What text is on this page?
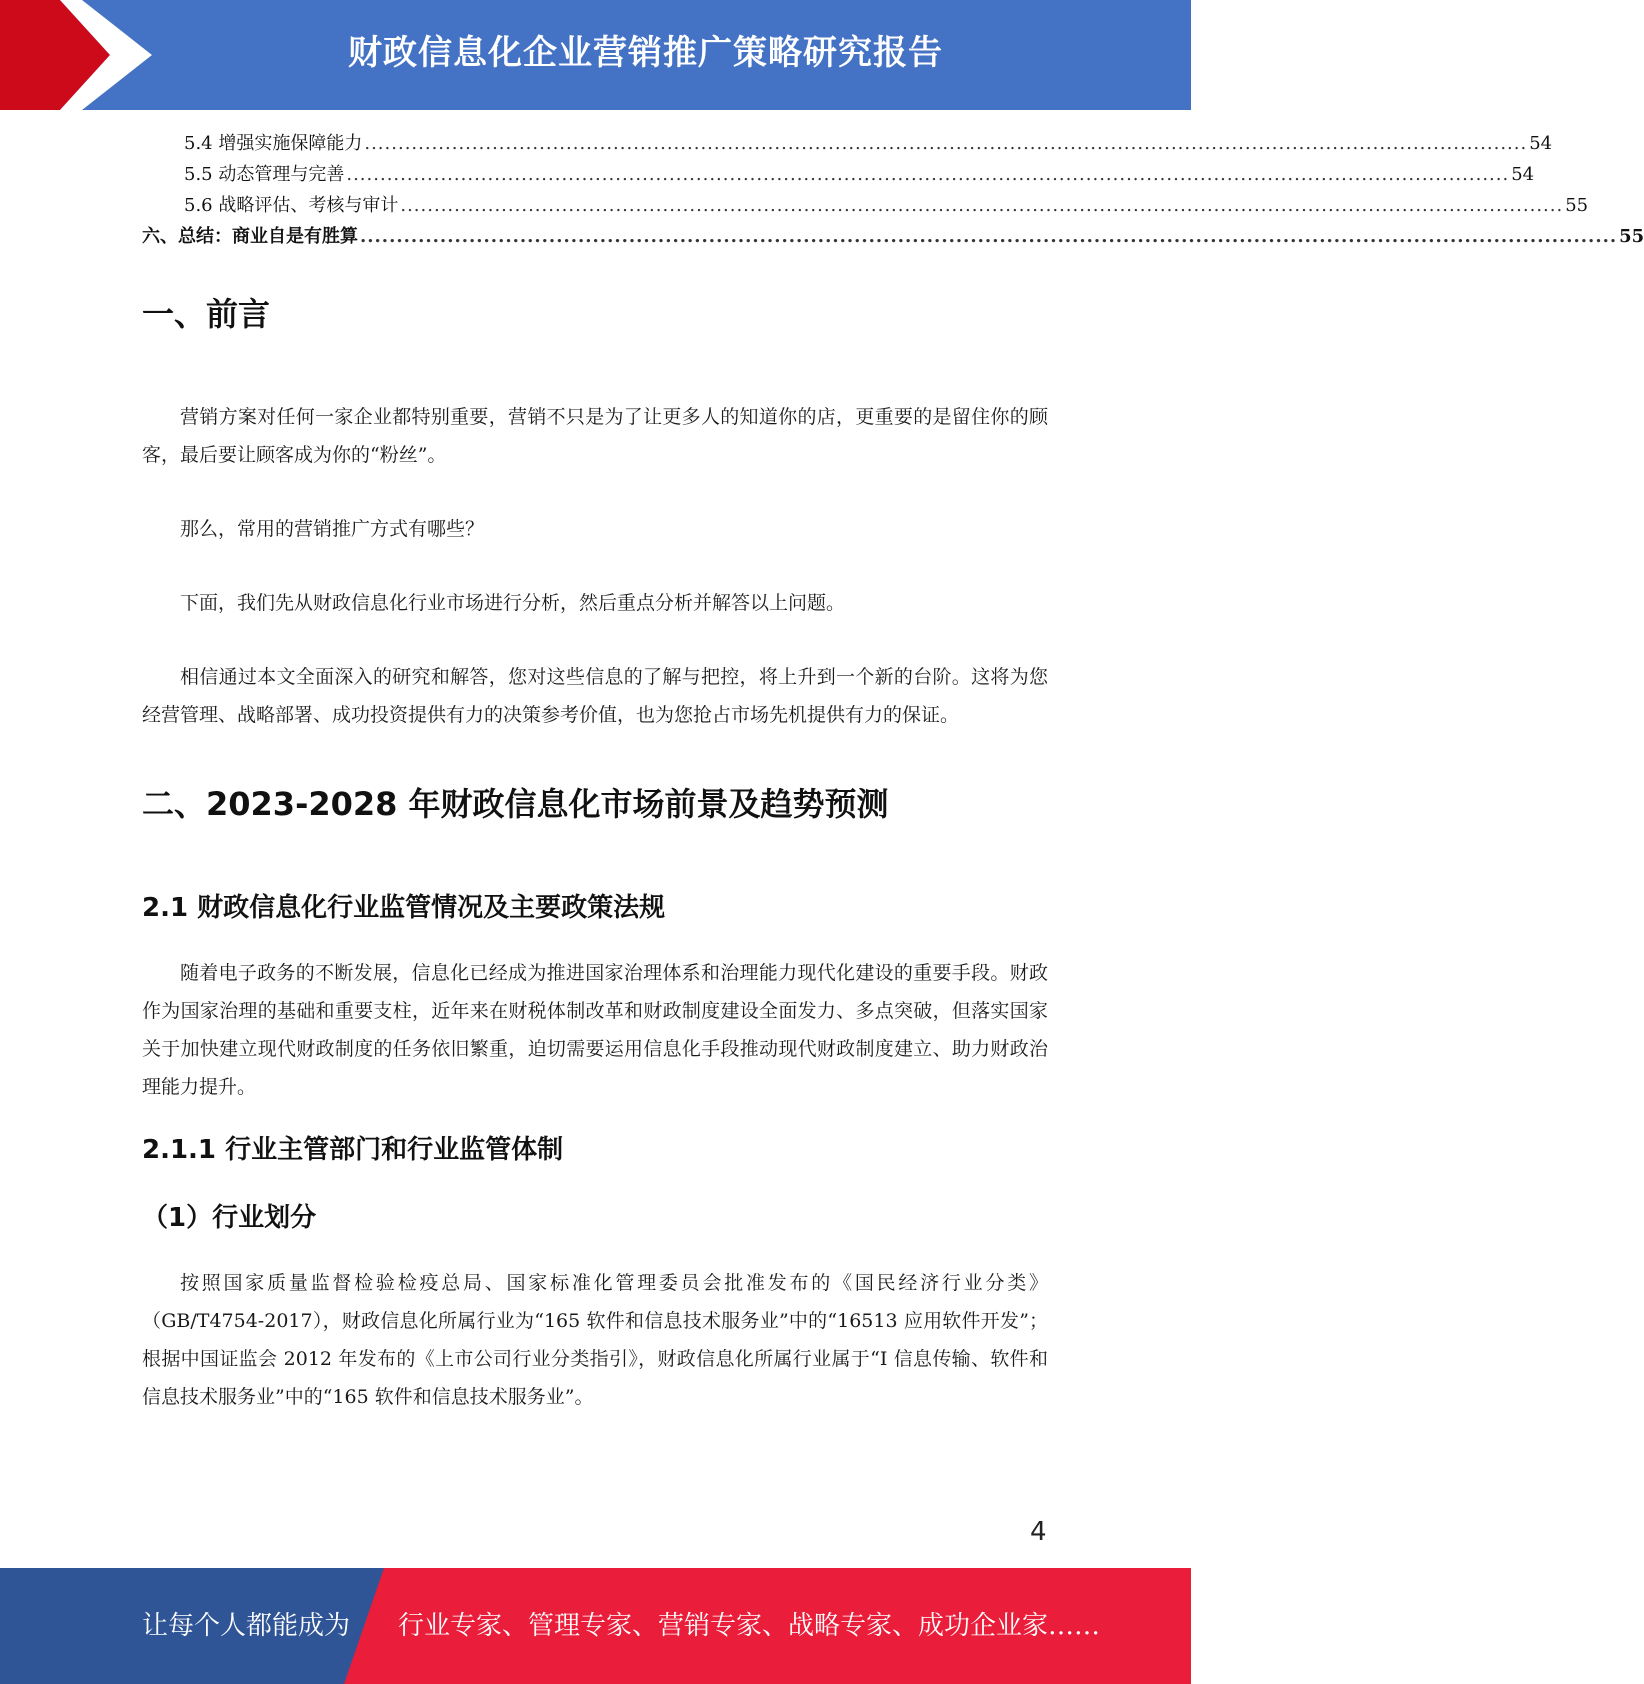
财政信息化企业营销推广策略研究报告
5.4 增强实施保障能力 ............................................................................................................................................................................. 54
5.5 动态管理与完善 ............................................................................................................................................................................. 54
5.6 战略评估、考核与审计 ............................................................................................................................................................................. 55
六、总结：商业自是有胜算 ............................................................................................................................................................................. 55
一、前言

营销方案对任何一家企业都特别重要，营销不只是为了让更多人的知道你的店，更重要的是留住你的顾客，最后要让顾客成为你的“粉丝”。

那么，常用的营销推广方式有哪些？

下面，我们先从财政信息化行业市场进行分析，然后重点分析并解答以上问题。

相信通过本文全面深入的研究和解答，您对这些信息的了解与把控，将上升到一个新的台阶。这将为您经营管理、战略部署、成功投资提供有力的决策参考价值，也为您抢占市场先机提供有力的保证。

二、2023-2028 年财政信息化市场前景及趋势预测
2.1 财政信息化行业监管情况及主要政策法规

随着电子政务的不断发展，信息化已经成为推进国家治理体系和治理能力现代化建设的重要手段。财政作为国家治理的基础和重要支柱，近年来在财税体制改革和财政制度建设全面发力、多点突破，但落实国家关于加快建立现代财政制度的任务依旧繁重，迫切需要运用信息化手段推动现代财政制度建立、助力财政治理能力提升。

2.1.1 行业主管部门和行业监管体制
（1）行业划分

按照国家质量监督检验检疫总局、国家标准化管理委员会批准发布的《国民经济行业分类》（GB/T4754-2017），财政信息化所属行业为“165 软件和信息技术服务业”中的“16513 应用软件开发”；根据中国证监会 2012 年发布的《上市公司行业分类指引》，财政信息化所属行业属于“I 信息传输、软件和信息技术服务业”中的“165 软件和信息技术服务业”。

4
让每个人都能成为 行业专家、管理专家、营销专家、战略专家、成功企业家……
